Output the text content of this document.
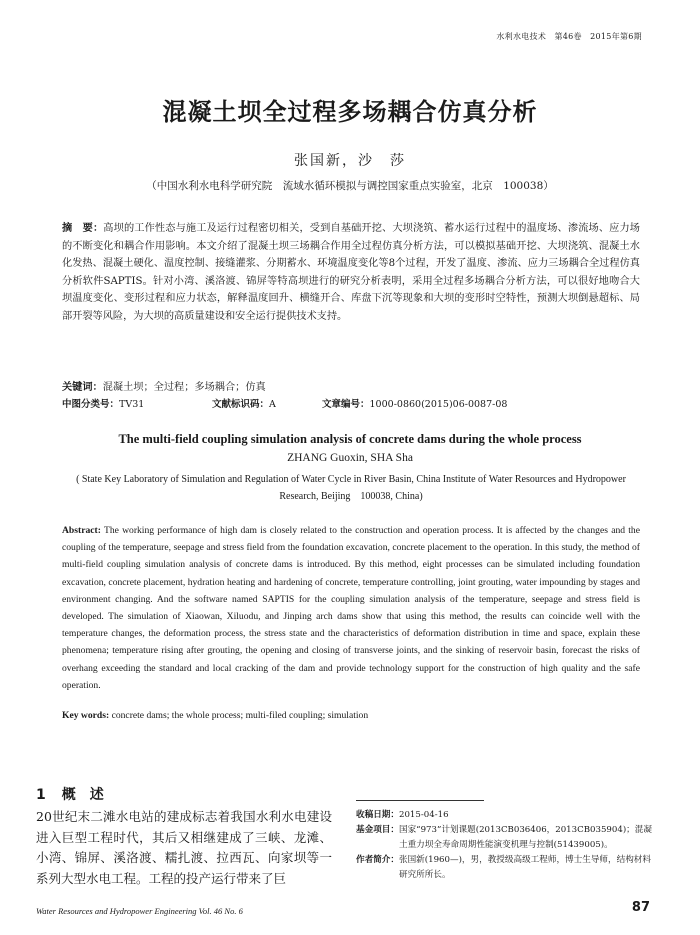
水利水电技术　第46卷　2015年第6期
混凝土坝全过程多场耦合仿真分析
张国新，沙　莎
（中国水利水电科学研究院　流域水循环模拟与调控国家重点实验室，北京　100038）
摘　要：高坝的工作性态与施工及运行过程密切相关，受到自基础开挖、大坝浇筑、蓄水运行过程中的温度场、渗流场、应力场的不断变化和耦合作用影响。本文介绍了混凝土坝三场耦合作用全过程仿真分析方法，可以模拟基础开挖、大坝浇筑、混凝土水化发热、混凝土硬化、温度控制、接缝灌浆、分期蓄水、环境温度变化等8个过程，开发了温度、渗流、应力三场耦合全过程仿真分析软件SAPTIS。针对小湾、溪洛渡、锦屏等特高坝进行的研究分析表明，采用全过程多场耦合分析方法，可以很好地吻合大坝温度变化、变形过程和应力状态，解释温度回升、横缝开合、库盘下沉等现象和大坝的变形时空特性，预测大坝倒悬超标、局部开裂等风险，为大坝的高质量建设和安全运行提供技术支持。
关键词：混凝土坝；全过程；多场耦合；仿真
中图分类号：TV31	文献标识码：A	文章编号：1000-0860(2015)06-0087-08
The multi-field coupling simulation analysis of concrete dams during the whole process
ZHANG Guoxin, SHA Sha
( State Key Laboratory of Simulation and Regulation of Water Cycle in River Basin, China Institute of Water Resources and Hydropower Research, Beijing　100038, China)
Abstract: The working performance of high dam is closely related to the construction and operation process. It is affected by the changes and the coupling of the temperature, seepage and stress field from the foundation excavation, concrete placement to the operation. In this study, the method of multi-field coupling simulation analysis of concrete dams is introduced. By this method, eight processes can be simulated including foundation excavation, concrete placement, hydration heating and hardening of concrete, temperature controlling, joint grouting, water impounding by stages and environment changing. And the software named SAPTIS for the coupling simulation analysis of the temperature, seepage and stress field is developed. The simulation of Xiaowan, Xiluodu, and Jinping arch dams show that using this method, the results can coincide well with the temperature changes, the deformation process, the stress state and the characteristics of deformation distribution in time and space, explain these phenomena; temperature rising after grouting, the opening and closing of transverse joints, and the sinking of reservoir basin, forecast the risks of overhang exceeding the standard and local cracking of the dam and provide technology support for the construction of high quality and the safe operation.
Key words: concrete dams; the whole process; multi-filed coupling; simulation
1 概　述
20世纪末二滩水电站的建成标志着我国水利水电建设进入巨型工程时代，其后又相继建成了三峡、龙滩、小湾、锦屏、溪洛渡、糯扎渡、拉西瓦、向家坝等一系列大型水电工程。工程的投产运行带来了巨
收稿日期： 2015-04-16
基金项目： 国家“973”计划课题(2013CB036406，2013CB035904)；混凝土重力坝全寿命周期性能演变机理与控制(51439005)。
作者简介： 张国新(1960—)，男，教授级高级工程师，博士生导师，结构材料研究所所长。
Water Resources and Hydropower Engineering Vol. 46 No. 6	87
